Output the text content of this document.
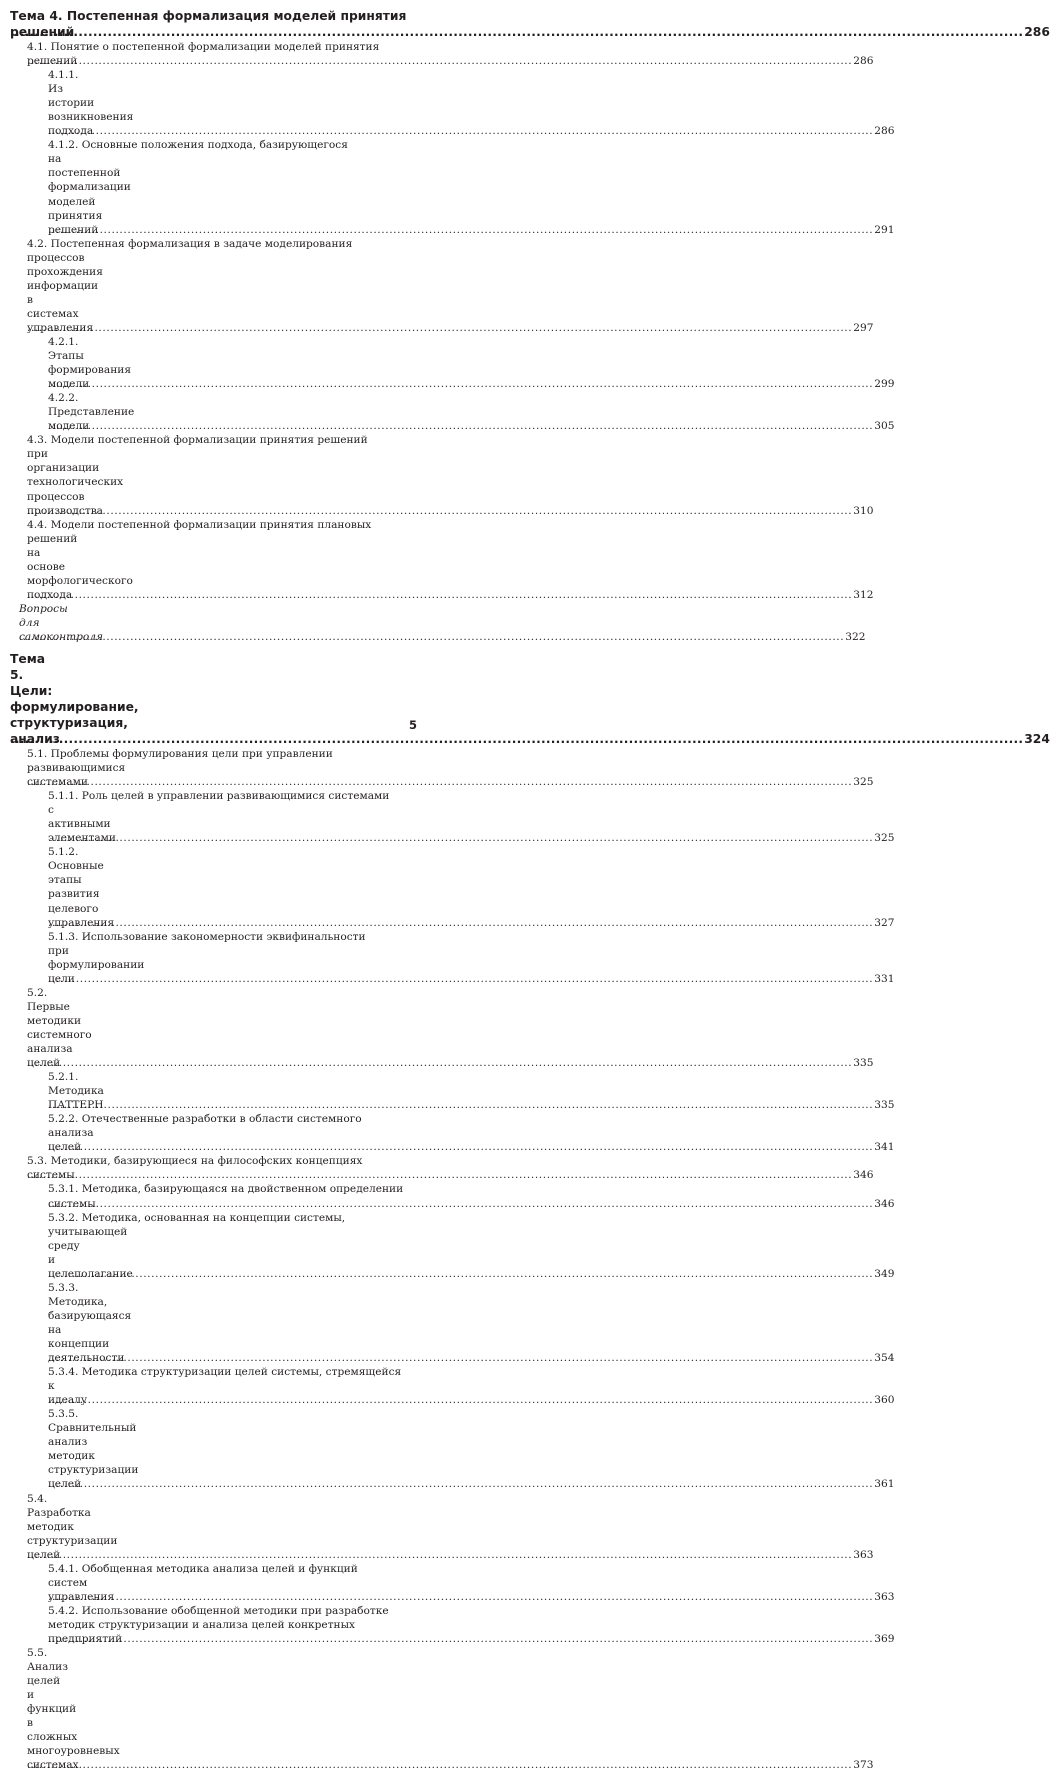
Тема 4. Постепенная формализация моделей принятия
решений .....	286
4.1. Понятие о постепенной формализации моделей принятия
решений .....	286
4.1.1. Из истории возникновения подхода .....	286
4.1.2. Основные положения подхода, базирующегося
на постепенной формализации моделей принятия решений .....	291
4.2. Постепенная формализация в задаче моделирования
процессов прохождения информации в системах управления .....	297
4.2.1. Этапы формирования модели .....	299
4.2.2. Представление модели .....	305
4.3. Модели постепенной формализации принятия решений
при организации технологических процессов производства .....	310
4.4. Модели постепенной формализации принятия плановых
решений на основе морфологического подхода .....	312
Вопросы для самоконтроля .....	322
Тема 5. Цели: формулирование, структуризация, анализ .....	324
5.1. Проблемы формулирования цели при управлении
развивающимися системами .....	325
5.1.1. Роль целей в управлении развивающимися системами
с активными элементами .....	325
5.1.2. Основные этапы развития целевого управления .....	327
5.1.3. Использование закономерности эквифинальности
при формулировании цели .....	331
5.2. Первые методики системного анализа целей .....	335
5.2.1. Методика ПАТТЕРН .....	335
5.2.2. Отечественные разработки в области системного
анализа целей .....	341
5.3. Методики, базирующиеся на философских концепциях
системы .....	346
5.3.1. Методика, базирующаяся на двойственном определении
системы .....	346
5.3.2. Методика, основанная на концепции системы,
учитывающей среду и целеполагание .....	349
5.3.3. Методика, базирующаяся на концепции деятельности .....	354
5.3.4. Методика структуризации целей системы, стремящейся
к идеалу .....	360
5.3.5. Сравнительный анализ методик структуризации целей .....	361
5.4. Разработка методик структуризации целей .....	363
5.4.1. Обобщенная методика анализа целей и функций
систем управления .....	363
5.4.2. Использование обобщенной методики при разработке
методик структуризации и анализа целей конкретных
предприятий .....	369
5.5. Анализ целей и функций в сложных многоуровневых системах .....	373
5
